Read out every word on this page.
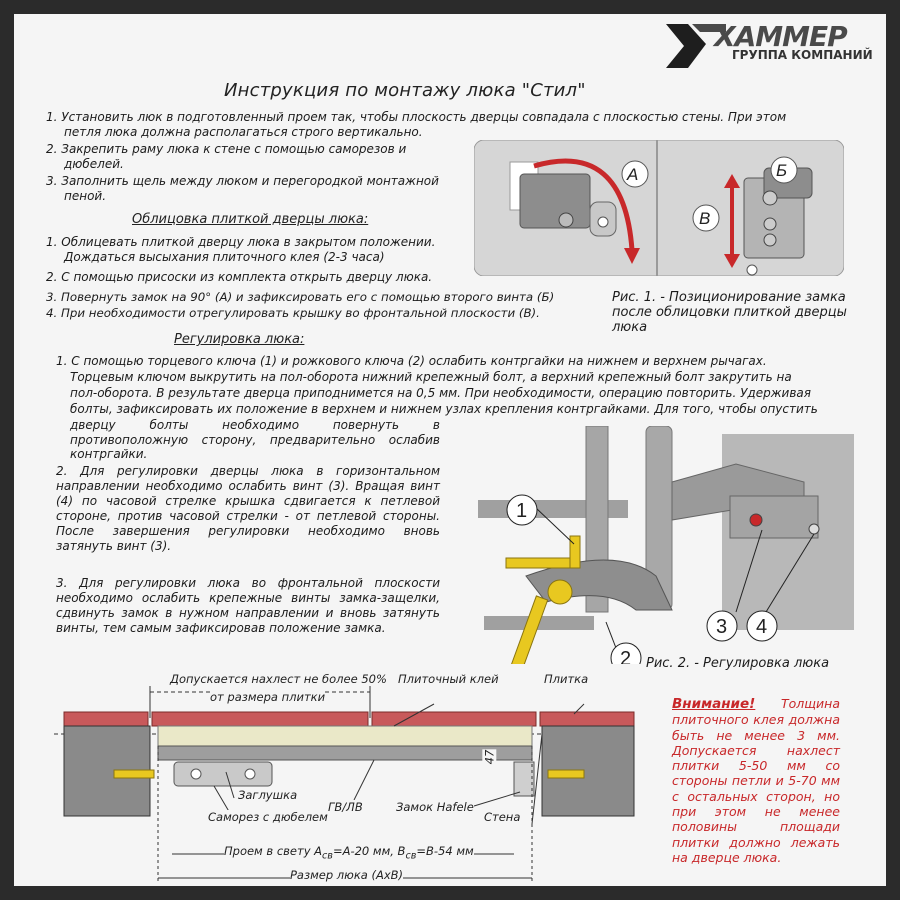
XAMMEP
ГРУППА КОМПАНИЙ
Инструкция по монтажу люка "Стил"
1. Установить люк в подготовленный проем так, чтобы плоскость дверцы совпадала с плоскостью стены. При этом
петля люка должна располагаться строго вертикально.
2. Закрепить раму люка к стене с помощью саморезов и
дюбелей.
3. Заполнить щель между люком и перегородкой монтажной
пеной.
Облицовка плиткой дверцы люка:
1. Облицевать плиткой дверцу люка в закрытом положении.
Дождаться высыхания плиточного клея (2-3 часа)
2. С помощью присоски из комплекта открыть дверцу люка.
3. Повернуть замок на 90° (А) и зафиксировать его с помощью второго винта (Б)
4. При необходимости отрегулировать крышку во фронтальной плоскости (В).
А	Б
В
Рис. 1. - Позиционирование замка после облицовки плиткой дверцы люка
Регулировка люка:
1. С помощью торцевого ключа (1) и рожкового ключа (2) ослабить контргайки на нижнем и верхнем рычагах.
Торцевым ключом выкрутить на пол-оборота нижний крепежный болт, а верхний крепежный болт закрутить на
пол-оборота. В результате дверца приподнимется на 0,5 мм. При необходимости, операцию повторить. Удерживая
болты, зафиксировать их положение в верхнем и нижнем узлах крепления контргайками. Для того, чтобы опустить
дверцу болты необходимо повернуть в противоположную сторону, предварительно ослабив контргайки.
2. Для регулировки дверцы люка в горизонтальном направлении необходимо ослабить винт (3). Вращая винт (4) по часовой стрелке крышка сдвигается к петлевой стороне, против часовой стрелки - от петлевой стороны. После завершения регулировки необходимо вновь затянуть винт (3).
3. Для регулировки люка во фронтальной плоскости необходимо ослабить крепежные винты замка-защелки, сдвинуть замок в нужном направлении и вновь затянуть винты, тем самым зафиксировав положение замка.
1
2
3 4
Рис. 2. - Регулировка люка
Допускается нахлест не более 50%
от размера плитки
Плиточный клей	Плитка
Заглушка
Саморез с дюбелем
ГВ/ЛВ	Замок Hafele
Стена
47
Проем в свету $А_{св}=А-20$ мм, $В_{св}=В-54$ мм
Размер люка (АхВ)
Внимание! Толщина плиточного клея должна быть не менее 3 мм. Допускается нахлест плитки 5-50 мм со стороны петли и 5-70 мм с остальных сторон, но при этом не менее половины площади плитки должно лежать на дверце люка.
